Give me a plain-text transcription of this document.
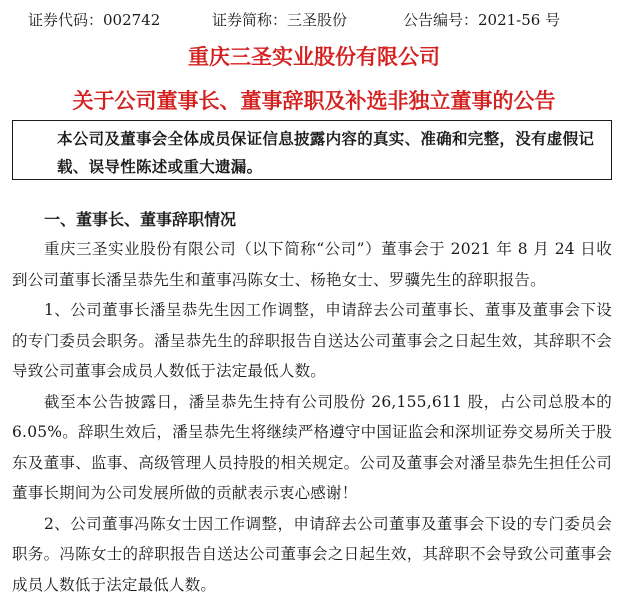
证券代码：002742	证券简称：三圣股份	公告编号：2021-56 号
重庆三圣实业股份有限公司
关于公司董事长、董事辞职及补选非独立董事的公告
本公司及董事会全体成员保证信息披露内容的真实、准确和完整，没有虚假记载、误导性陈述或重大遗漏。
一、董事长、董事辞职情况

重庆三圣实业股份有限公司（以下简称“公司”）董事会于 2021 年 8 月 24 日收到公司董事长潘呈恭先生和董事冯陈女士、杨艳女士、罗骥先生的辞职报告。

1、公司董事长潘呈恭先生因工作调整，申请辞去公司董事长、董事及董事会下设的专门委员会职务。潘呈恭先生的辞职报告自送达公司董事会之日起生效，其辞职不会导致公司董事会成员人数低于法定最低人数。

截至本公告披露日，潘呈恭先生持有公司股份 26,155,611 股，占公司总股本的 6.05%。辞职生效后，潘呈恭先生将继续严格遵守中国证监会和深圳证券交易所关于股东及董事、监事、高级管理人员持股的相关规定。公司及董事会对潘呈恭先生担任公司董事长期间为公司发展所做的贡献表示衷心感谢！

2、公司董事冯陈女士因工作调整，申请辞去公司董事及董事会下设的专门委员会职务。冯陈女士的辞职报告自送达公司董事会之日起生效，其辞职不会导致公司董事会成员人数低于法定最低人数。
